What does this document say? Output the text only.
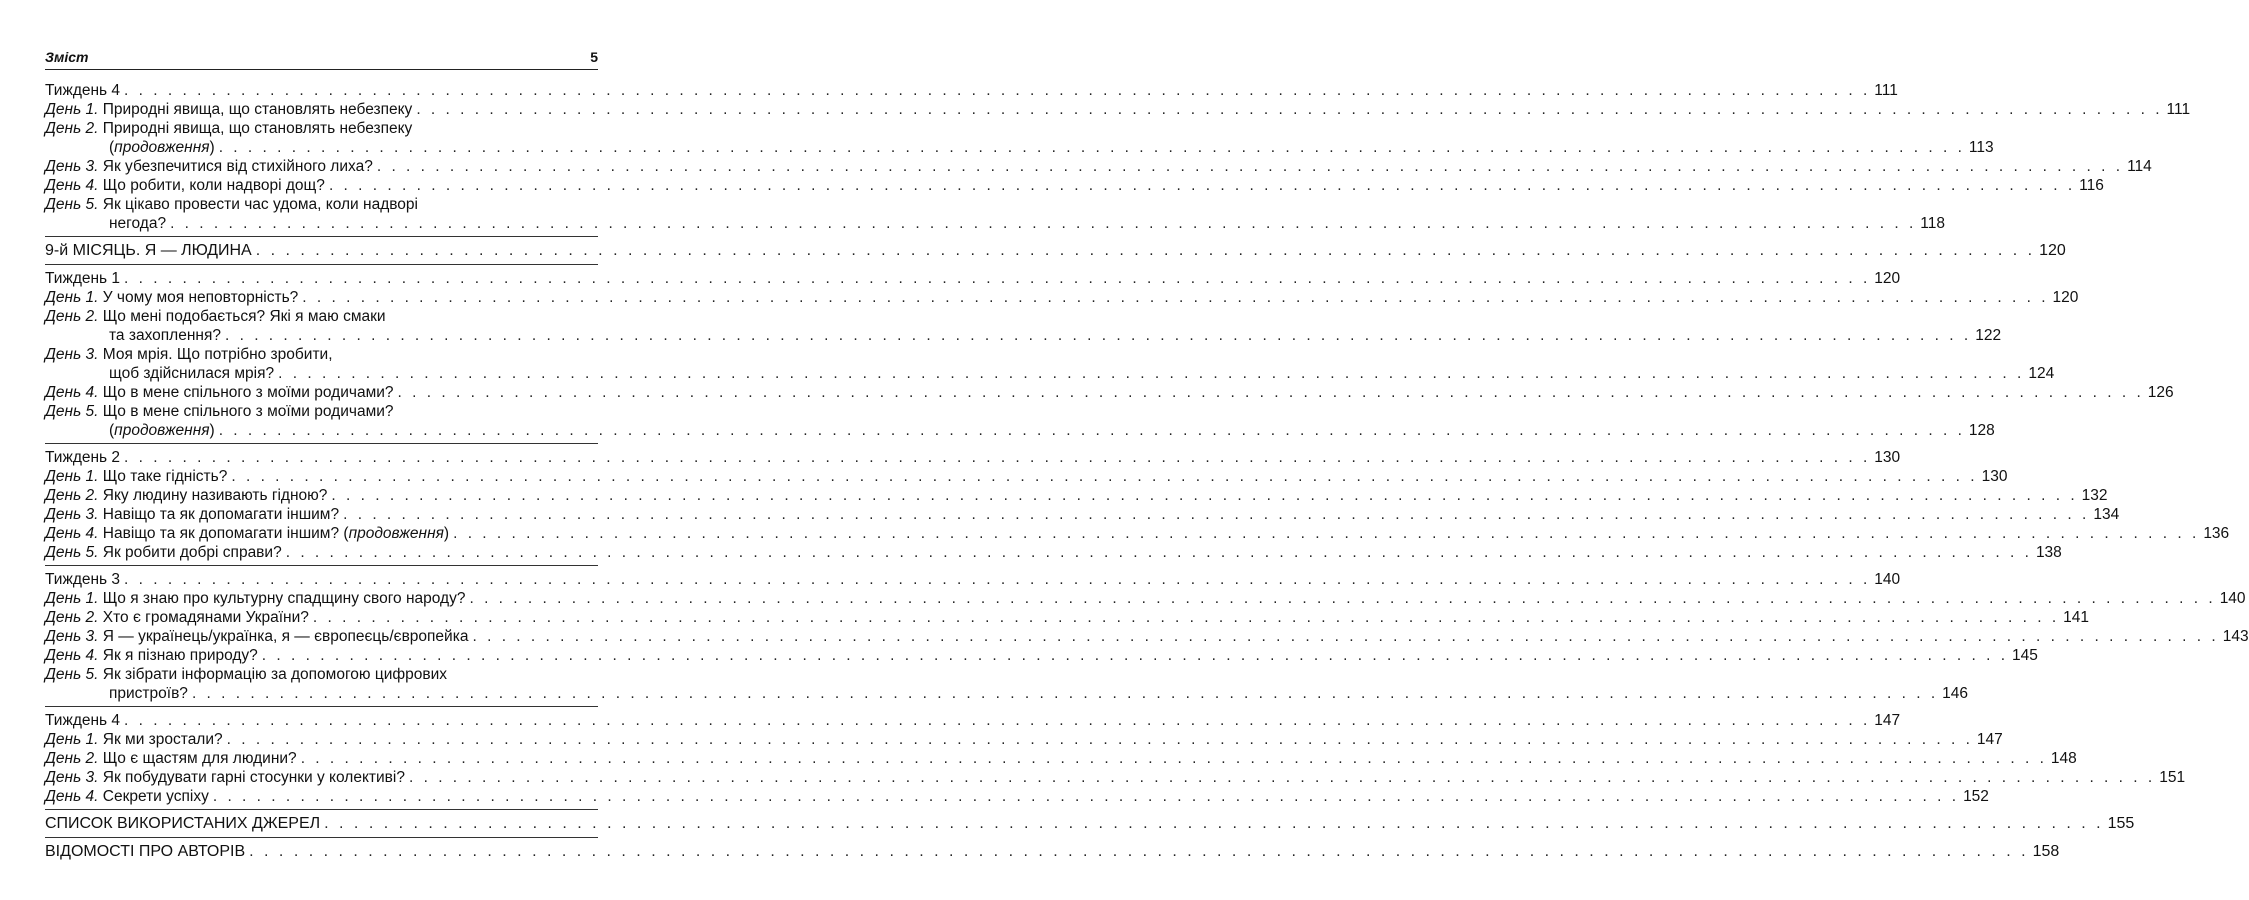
Зміст	5
Тиждень 4 . . . . . . . . . . . . . . . . . . . . . . . . . . . . . . . . . . . . . . . . . . . . . . . . . . . . . . . . . . . . . . . . . . . . . . . . . . . . . . . . . . . . . . . . . . . . . . . . . . . . . . . . . . . . . . . . . . . . . . . . 111
День 1. Природні явища, що становлять небезпеку . . . . . . . . . . . . . . . . . . . . . . . . . . . . . . . . . . . . . . . . . . . . . . . . . . . . . . . . . . . . . . . . . . . . . . . . . . . . . . . . . . . . . . . . . . . . . . . . . . . . . . . . . . . . . . . . . . . . . . . . 111
День 2. Природні явища, що становлять небезпеку
(продовження) . . . . . . . . . . . . . . . . . . . . . . . . . . . . . . . . . . . . . . . . . . . . . . . . . . . . . . . . . . . . . . . . . . . . . . . . . . . . . . . . . . . . . . . . . . . . . . . . . . . . . . . . . . . . . . . . . . . . . . . . 113
День 3. Як убезпечитися від стихійного лиха? . . . . . . . . . . . . . . . . . . . . . . . . . . . . . . . . . . . . . . . . . . . . . . . . . . . . . . . . . . . . . . . . . . . . . . . . . . . . . . . . . . . . . . . . . . . . . . . . . . . . . . . . . . . . . . . . . . . . . . . . 114
День 4. Що робити, коли надворі дощ? . . . . . . . . . . . . . . . . . . . . . . . . . . . . . . . . . . . . . . . . . . . . . . . . . . . . . . . . . . . . . . . . . . . . . . . . . . . . . . . . . . . . . . . . . . . . . . . . . . . . . . . . . . . . . . . . . . . . . . . . 116
День 5. Як цікаво провести час удома, коли надворі
негода? . . . . . . . . . . . . . . . . . . . . . . . . . . . . . . . . . . . . . . . . . . . . . . . . . . . . . . . . . . . . . . . . . . . . . . . . . . . . . . . . . . . . . . . . . . . . . . . . . . . . . . . . . . . . . . . . . . . . . . . . 118
9-й МІСЯЦЬ. Я — ЛЮДИНА . . . . . . . . . . . . . . . . . . . . . . . . . . . . . . . . . . . . . . . . . . . . . . . . . . . . . . . . . . . . . . . . . . . . . . . . . . . . . . . . . . . . . . . . . . . . . . . . . . . . . . . . . . . . . . . . . . . . . . . . 120
Тиждень 1 . . . . . . . . . . . . . . . . . . . . . . . . . . . . . . . . . . . . . . . . . . . . . . . . . . . . . . . . . . . . . . . . . . . . . . . . . . . . . . . . . . . . . . . . . . . . . . . . . . . . . . . . . . . . . . . . . . . . . . . . 120
День 1. У чому моя неповторність? . . . . . . . . . . . . . . . . . . . . . . . . . . . . . . . . . . . . . . . . . . . . . . . . . . . . . . . . . . . . . . . . . . . . . . . . . . . . . . . . . . . . . . . . . . . . . . . . . . . . . . . . . . . . . . . . . . . . . . . . 120
День 2. Що мені подобається? Які я маю смаки
та захоплення? . . . . . . . . . . . . . . . . . . . . . . . . . . . . . . . . . . . . . . . . . . . . . . . . . . . . . . . . . . . . . . . . . . . . . . . . . . . . . . . . . . . . . . . . . . . . . . . . . . . . . . . . . . . . . . . . . . . . . . . . 122
День 3. Моя мрія. Що потрібно зробити,
щоб здійснилася мрія? . . . . . . . . . . . . . . . . . . . . . . . . . . . . . . . . . . . . . . . . . . . . . . . . . . . . . . . . . . . . . . . . . . . . . . . . . . . . . . . . . . . . . . . . . . . . . . . . . . . . . . . . . . . . . . . . . . . . . . . . 124
День 4. Що в мене спільного з моїми родичами? . . . . . . . . . . . . . . . . . . . . . . . . . . . . . . . . . . . . . . . . . . . . . . . . . . . . . . . . . . . . . . . . . . . . . . . . . . . . . . . . . . . . . . . . . . . . . . . . . . . . . . . . . . . . . . . . . . . . . . . . 126
День 5. Що в мене спільного з моїми родичами?
(продовження) . . . . . . . . . . . . . . . . . . . . . . . . . . . . . . . . . . . . . . . . . . . . . . . . . . . . . . . . . . . . . . . . . . . . . . . . . . . . . . . . . . . . . . . . . . . . . . . . . . . . . . . . . . . . . . . . . . . . . . . . 128
Тиждень 2 . . . . . . . . . . . . . . . . . . . . . . . . . . . . . . . . . . . . . . . . . . . . . . . . . . . . . . . . . . . . . . . . . . . . . . . . . . . . . . . . . . . . . . . . . . . . . . . . . . . . . . . . . . . . . . . . . . . . . . . . 130
День 1. Що таке гідність? . . . . . . . . . . . . . . . . . . . . . . . . . . . . . . . . . . . . . . . . . . . . . . . . . . . . . . . . . . . . . . . . . . . . . . . . . . . . . . . . . . . . . . . . . . . . . . . . . . . . . . . . . . . . . . . . . . . . . . . . 130
День 2. Яку людину називають гідною? . . . . . . . . . . . . . . . . . . . . . . . . . . . . . . . . . . . . . . . . . . . . . . . . . . . . . . . . . . . . . . . . . . . . . . . . . . . . . . . . . . . . . . . . . . . . . . . . . . . . . . . . . . . . . . . . . . . . . . . . 132
День 3. Навіщо та як допомагати іншим? . . . . . . . . . . . . . . . . . . . . . . . . . . . . . . . . . . . . . . . . . . . . . . . . . . . . . . . . . . . . . . . . . . . . . . . . . . . . . . . . . . . . . . . . . . . . . . . . . . . . . . . . . . . . . . . . . . . . . . . . 134
День 4. Навіщо та як допомагати іншим? (продовження) . . . . . . . . . . . . . . . . . . . . . . . . . . . . . . . . . . . . . . . . . . . . . . . . . . . . . . . . . . . . . . . . . . . . . . . . . . . . . . . . . . . . . . . . . . . . . . . . . . . . . . . . . . . . . . . . . . . . . . . . 136
День 5. Як робити добрі справи? . . . . . . . . . . . . . . . . . . . . . . . . . . . . . . . . . . . . . . . . . . . . . . . . . . . . . . . . . . . . . . . . . . . . . . . . . . . . . . . . . . . . . . . . . . . . . . . . . . . . . . . . . . . . . . . . . . . . . . . . 138
Тиждень 3 . . . . . . . . . . . . . . . . . . . . . . . . . . . . . . . . . . . . . . . . . . . . . . . . . . . . . . . . . . . . . . . . . . . . . . . . . . . . . . . . . . . . . . . . . . . . . . . . . . . . . . . . . . . . . . . . . . . . . . . . 140
День 1. Що я знаю про культурну спадщину свого народу? . . . . . . . . . . . . . . . . . . . . . . . . . . . . . . . . . . . . . . . . . . . . . . . . . . . . . . . . . . . . . . . . . . . . . . . . . . . . . . . . . . . . . . . . . . . . . . . . . . . . . . . . . . . . . . . . . . . . . . . . 140
День 2. Хто є громадянами України? . . . . . . . . . . . . . . . . . . . . . . . . . . . . . . . . . . . . . . . . . . . . . . . . . . . . . . . . . . . . . . . . . . . . . . . . . . . . . . . . . . . . . . . . . . . . . . . . . . . . . . . . . . . . . . . . . . . . . . . . 141
День 3. Я — українець/українка, я — європеєць/європейка . . . . . . . . . . . . . . . . . . . . . . . . . . . . . . . . . . . . . . . . . . . . . . . . . . . . . . . . . . . . . . . . . . . . . . . . . . . . . . . . . . . . . . . . . . . . . . . . . . . . . . . . . . . . . . . . . . . . . . . . 143
День 4. Як я пізнаю природу? . . . . . . . . . . . . . . . . . . . . . . . . . . . . . . . . . . . . . . . . . . . . . . . . . . . . . . . . . . . . . . . . . . . . . . . . . . . . . . . . . . . . . . . . . . . . . . . . . . . . . . . . . . . . . . . . . . . . . . . . 145
День 5. Як зібрати інформацію за допомогою цифрових
пристроїв? . . . . . . . . . . . . . . . . . . . . . . . . . . . . . . . . . . . . . . . . . . . . . . . . . . . . . . . . . . . . . . . . . . . . . . . . . . . . . . . . . . . . . . . . . . . . . . . . . . . . . . . . . . . . . . . . . . . . . . . . 146
Тиждень 4 . . . . . . . . . . . . . . . . . . . . . . . . . . . . . . . . . . . . . . . . . . . . . . . . . . . . . . . . . . . . . . . . . . . . . . . . . . . . . . . . . . . . . . . . . . . . . . . . . . . . . . . . . . . . . . . . . . . . . . . . 147
День 1. Як ми зростали? . . . . . . . . . . . . . . . . . . . . . . . . . . . . . . . . . . . . . . . . . . . . . . . . . . . . . . . . . . . . . . . . . . . . . . . . . . . . . . . . . . . . . . . . . . . . . . . . . . . . . . . . . . . . . . . . . . . . . . . . 147
День 2. Що є щастям для людини? . . . . . . . . . . . . . . . . . . . . . . . . . . . . . . . . . . . . . . . . . . . . . . . . . . . . . . . . . . . . . . . . . . . . . . . . . . . . . . . . . . . . . . . . . . . . . . . . . . . . . . . . . . . . . . . . . . . . . . . . 148
День 3. Як побудувати гарні стосунки у колективі? . . . . . . . . . . . . . . . . . . . . . . . . . . . . . . . . . . . . . . . . . . . . . . . . . . . . . . . . . . . . . . . . . . . . . . . . . . . . . . . . . . . . . . . . . . . . . . . . . . . . . . . . . . . . . . . . . . . . . . . . 151
День 4. Секрети успіху . . . . . . . . . . . . . . . . . . . . . . . . . . . . . . . . . . . . . . . . . . . . . . . . . . . . . . . . . . . . . . . . . . . . . . . . . . . . . . . . . . . . . . . . . . . . . . . . . . . . . . . . . . . . . . . . . . . . . . . . 152
СПИСОК ВИКОРИСТАНИХ ДЖЕРЕЛ . . . . . . . . . . . . . . . . . . . . . . . . . . . . . . . . . . . . . . . . . . . . . . . . . . . . . . . . . . . . . . . . . . . . . . . . . . . . . . . . . . . . . . . . . . . . . . . . . . . . . . . . . . . . . . . . . . . . . . . . 155
ВІДОМОСТІ ПРО АВТОРІВ . . . . . . . . . . . . . . . . . . . . . . . . . . . . . . . . . . . . . . . . . . . . . . . . . . . . . . . . . . . . . . . . . . . . . . . . . . . . . . . . . . . . . . . . . . . . . . . . . . . . . . . . . . . . . . . . . . . . . . . . 158
